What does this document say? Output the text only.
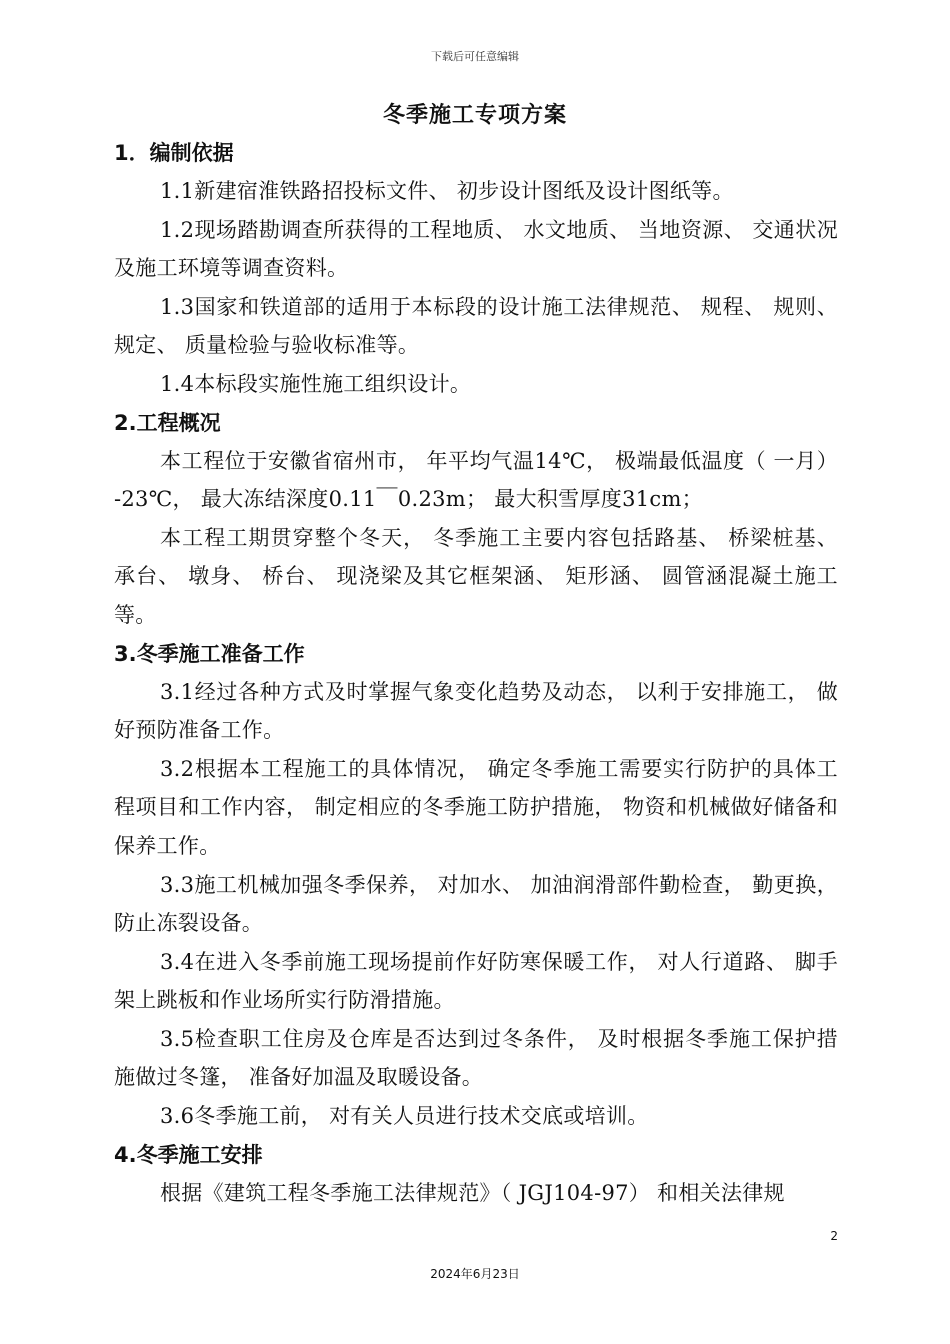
下载后可任意编辑
冬季施工专项方案
1．编制依据

1.1新建宿淮铁路招投标文件、 初步设计图纸及设计图纸等。

1.2现场踏勘调查所获得的工程地质、 水文地质、 当地资源、 交通状况及施工环境等调查资料。

1.3国家和铁道部的适用于本标段的设计施工法律规范、 规程、 规则、 规定、 质量检验与验收标准等。

1.4本标段实施性施工组织设计。

2.工程概况

本工程位于安徽省宿州市， 年平均气温14℃， 极端最低温度（ 一月） -23℃， 最大冻结深度0.11￣0.23m； 最大积雪厚度31cm；

本工程工期贯穿整个冬天， 冬季施工主要内容包括路基、 桥梁桩基、 承台、 墩身、 桥台、 现浇梁及其它框架涵、 矩形涵、 圆管涵混凝土施工等。

3.冬季施工准备工作

3.1经过各种方式及时掌握气象变化趋势及动态， 以利于安排施工， 做好预防准备工作。

3.2根据本工程施工的具体情况， 确定冬季施工需要实行防护的具体工程项目和工作内容， 制定相应的冬季施工防护措施， 物资和机械做好储备和保养工作。

3.3施工机械加强冬季保养， 对加水、 加油润滑部件勤检查， 勤更换， 防止冻裂设备。

3.4在进入冬季前施工现场提前作好防寒保暖工作， 对人行道路、 脚手架上跳板和作业场所实行防滑措施。

3.5检查职工住房及仓库是否达到过冬条件， 及时根据冬季施工保护措施做过冬篷， 准备好加温及取暖设备。

3.6冬季施工前， 对有关人员进行技术交底或培训。

4.冬季施工安排

根据《建筑工程冬季施工法律规范》（ JGJ104-97） 和相关法律规

2
2024年6月23日
